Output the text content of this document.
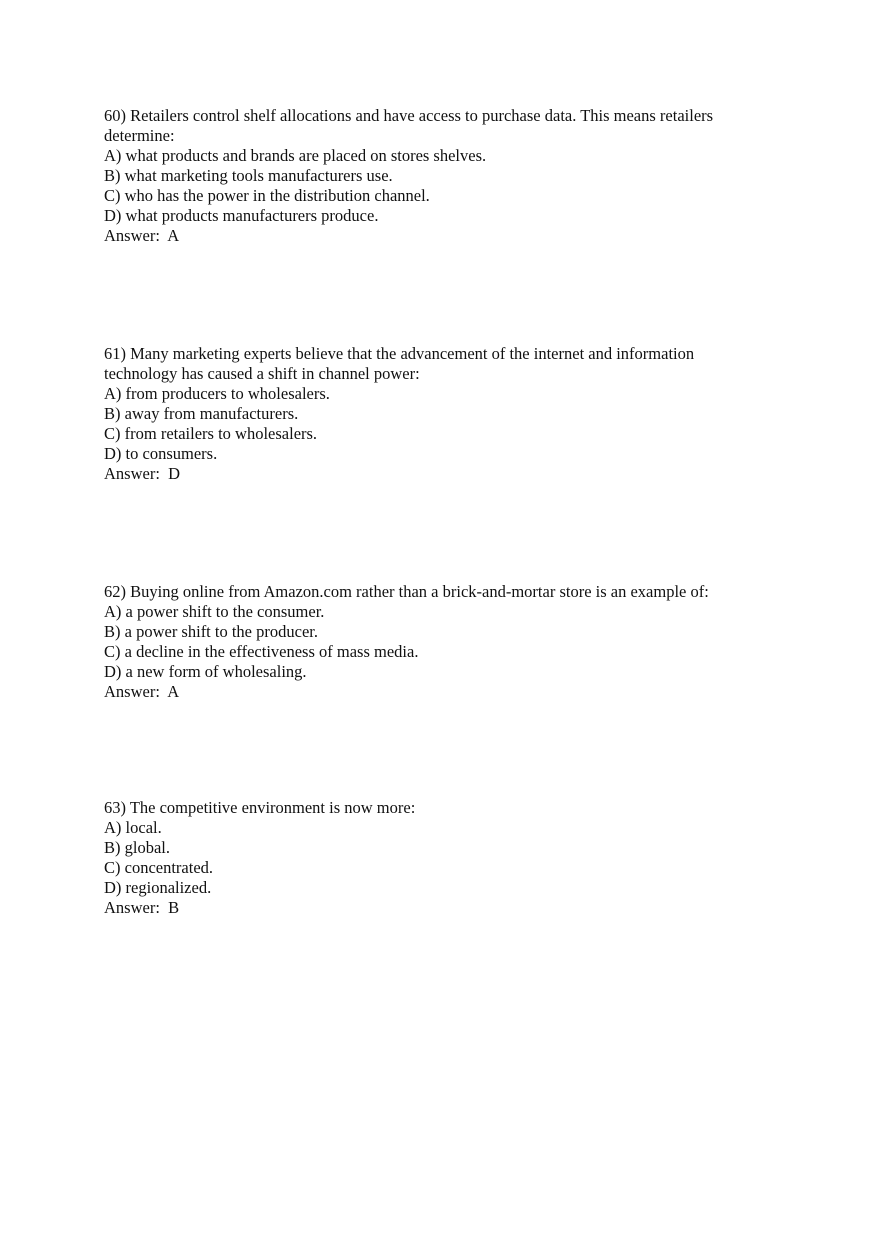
60) Retailers control shelf allocations and have access to purchase data. This means retailers
determine:
A) what products and brands are placed on stores shelves.
B) what marketing tools manufacturers use.
C) who has the power in the distribution channel.
D) what products manufacturers produce.
Answer:  A
61) Many marketing experts believe that the advancement of the internet and information
technology has caused a shift in channel power:
A) from producers to wholesalers.
B) away from manufacturers.
C) from retailers to wholesalers.
D) to consumers.
Answer:  D
62) Buying online from Amazon.com rather than a brick-and-mortar store is an example of:
A) a power shift to the consumer.
B) a power shift to the producer.
C) a decline in the effectiveness of mass media.
D) a new form of wholesaling.
Answer:  A
63) The competitive environment is now more:
A) local.
B) global.
C) concentrated.
D) regionalized.
Answer:  B
